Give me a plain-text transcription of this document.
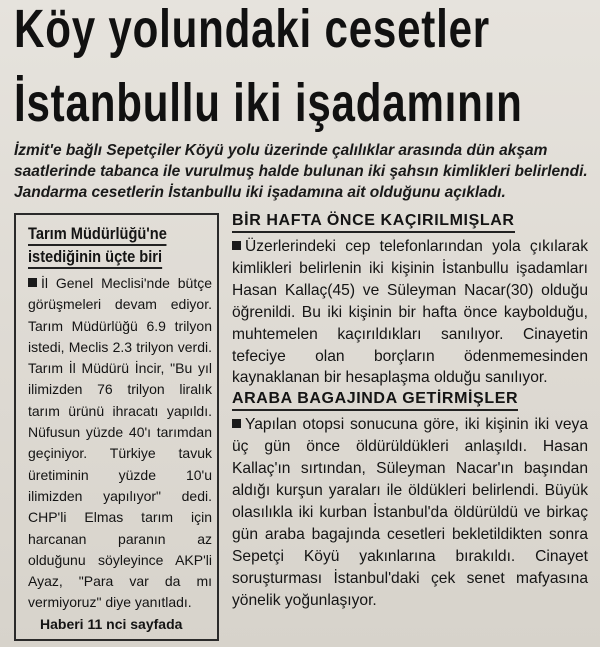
Köy yolundaki cesetler
İstanbullu iki işadamının
İzmit'e bağlı Sepetçiler Köyü yolu üzerinde çalılıklar arasında dün akşam saatlerinde tabanca ile vurulmuş halde bulunan iki şahsın kimlikleri belirlendi. Jandarma cesetlerin İstanbullu iki işadamına ait olduğunu açıkladı.
Tarım Müdürlüğü'ne
istediğinin üçte biri
İl Genel Meclisi'nde bütçe görüşmeleri devam ediyor. Tarım Müdürlüğü 6.9 trilyon istedi, Meclis 2.3 trilyon verdi. Tarım İl Müdürü İncir, "Bu yıl ilimizden 76 trilyon liralık tarım ürünü ihracatı yapıldı. Nüfusun yüzde 40'ı tarımdan geçiniyor. Türkiye tavuk üretiminin yüzde 10'u ilimizden yapılıyor" dedi. CHP'li Elmas tarım için harcanan paranın az olduğunu söyleyince AKP'li Ayaz, "Para var da mı vermiyoruz" diye yanıtladı.
Haberi 11 nci sayfada
BİR HAFTA ÖNCE KAÇIRILMIŞLAR

Üzerlerindeki cep telefonlarından yola çıkılarak kimlikleri belirlenin iki kişinin İstanbullu işadamları Hasan Kallaç(45) ve Süleyman Nacar(30) olduğu öğrenildi. Bu iki kişinin bir hafta önce kaybolduğu, muhtemelen kaçırıldıkları sanılıyor. Cinayetin tefeciye olan borçların ödenmemesinden kaynaklanan bir hesaplaşma olduğu sanılıyor.

ARABA BAGAJINDA GETİRMİŞLER

Yapılan otopsi sonucuna göre, iki kişinin iki veya üç gün önce öldürüldükleri anlaşıldı. Hasan Kallaç'ın sırtından, Süleyman Nacar'ın başından aldığı kurşun yaraları ile öldükleri belirlendi. Büyük olasılıkla iki kurban İstanbul'da öldürüldü ve birkaç gün araba bagajında cesetleri bekletildikten sonra Sepetçi Köyü yakınlarına bırakıldı. Cinayet soruşturması İstanbul'daki çek senet mafyasına yönelik yoğunlaşıyor.
